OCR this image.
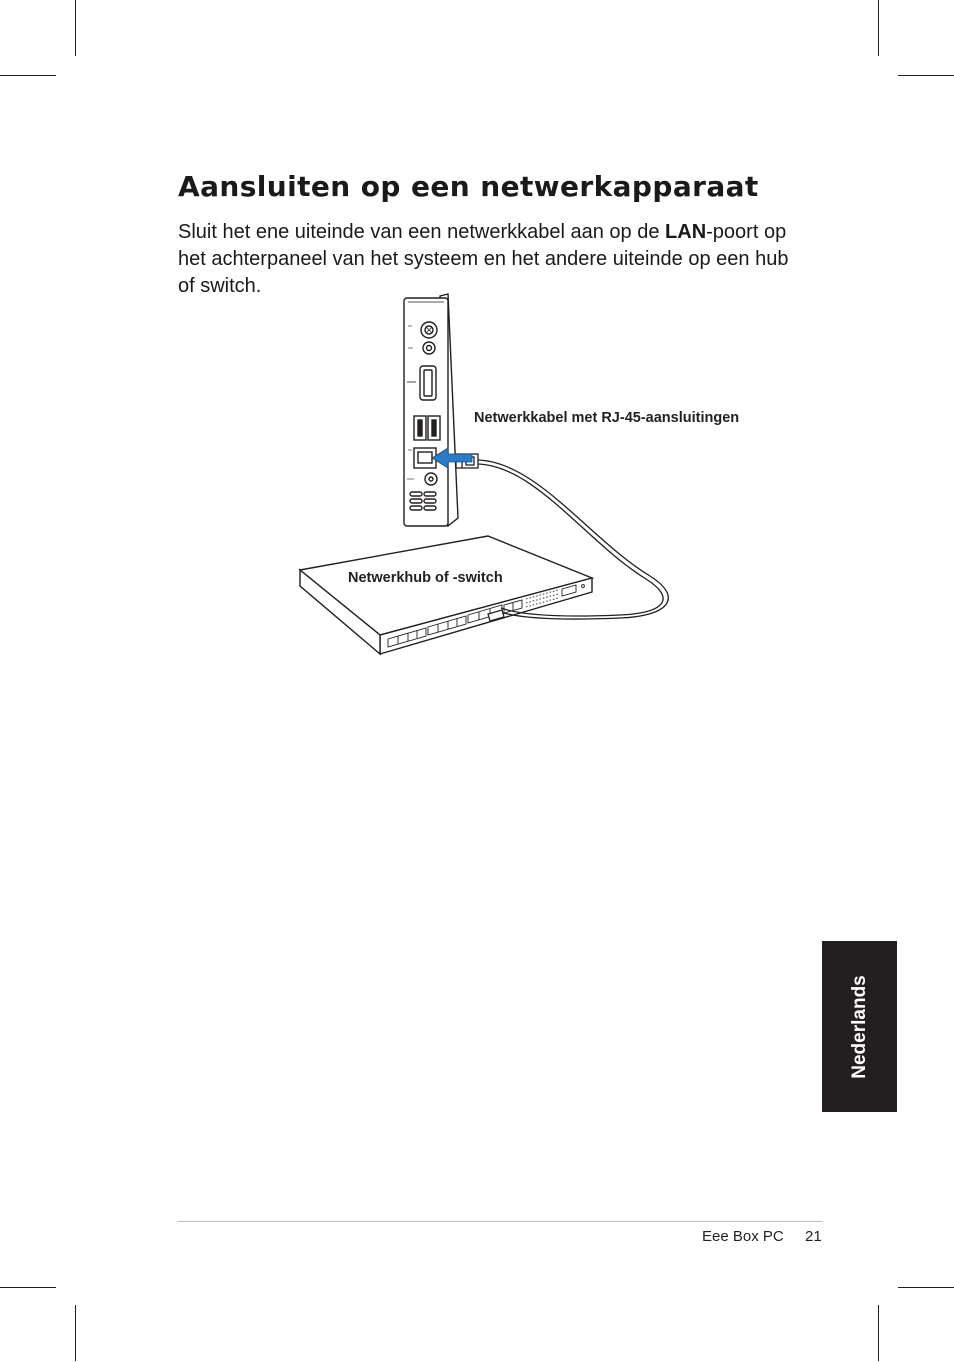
Aansluiten op een netwerkapparaat

Sluit het ene uiteinde van een netwerkkabel aan op de LAN-poort op het achterpaneel van het systeem en het andere uiteinde op een hub of switch.

Netwerkkabel met RJ-45-aansluitingen
Netwerkhub of -switch
Nederlands
Eee Box PC 21
